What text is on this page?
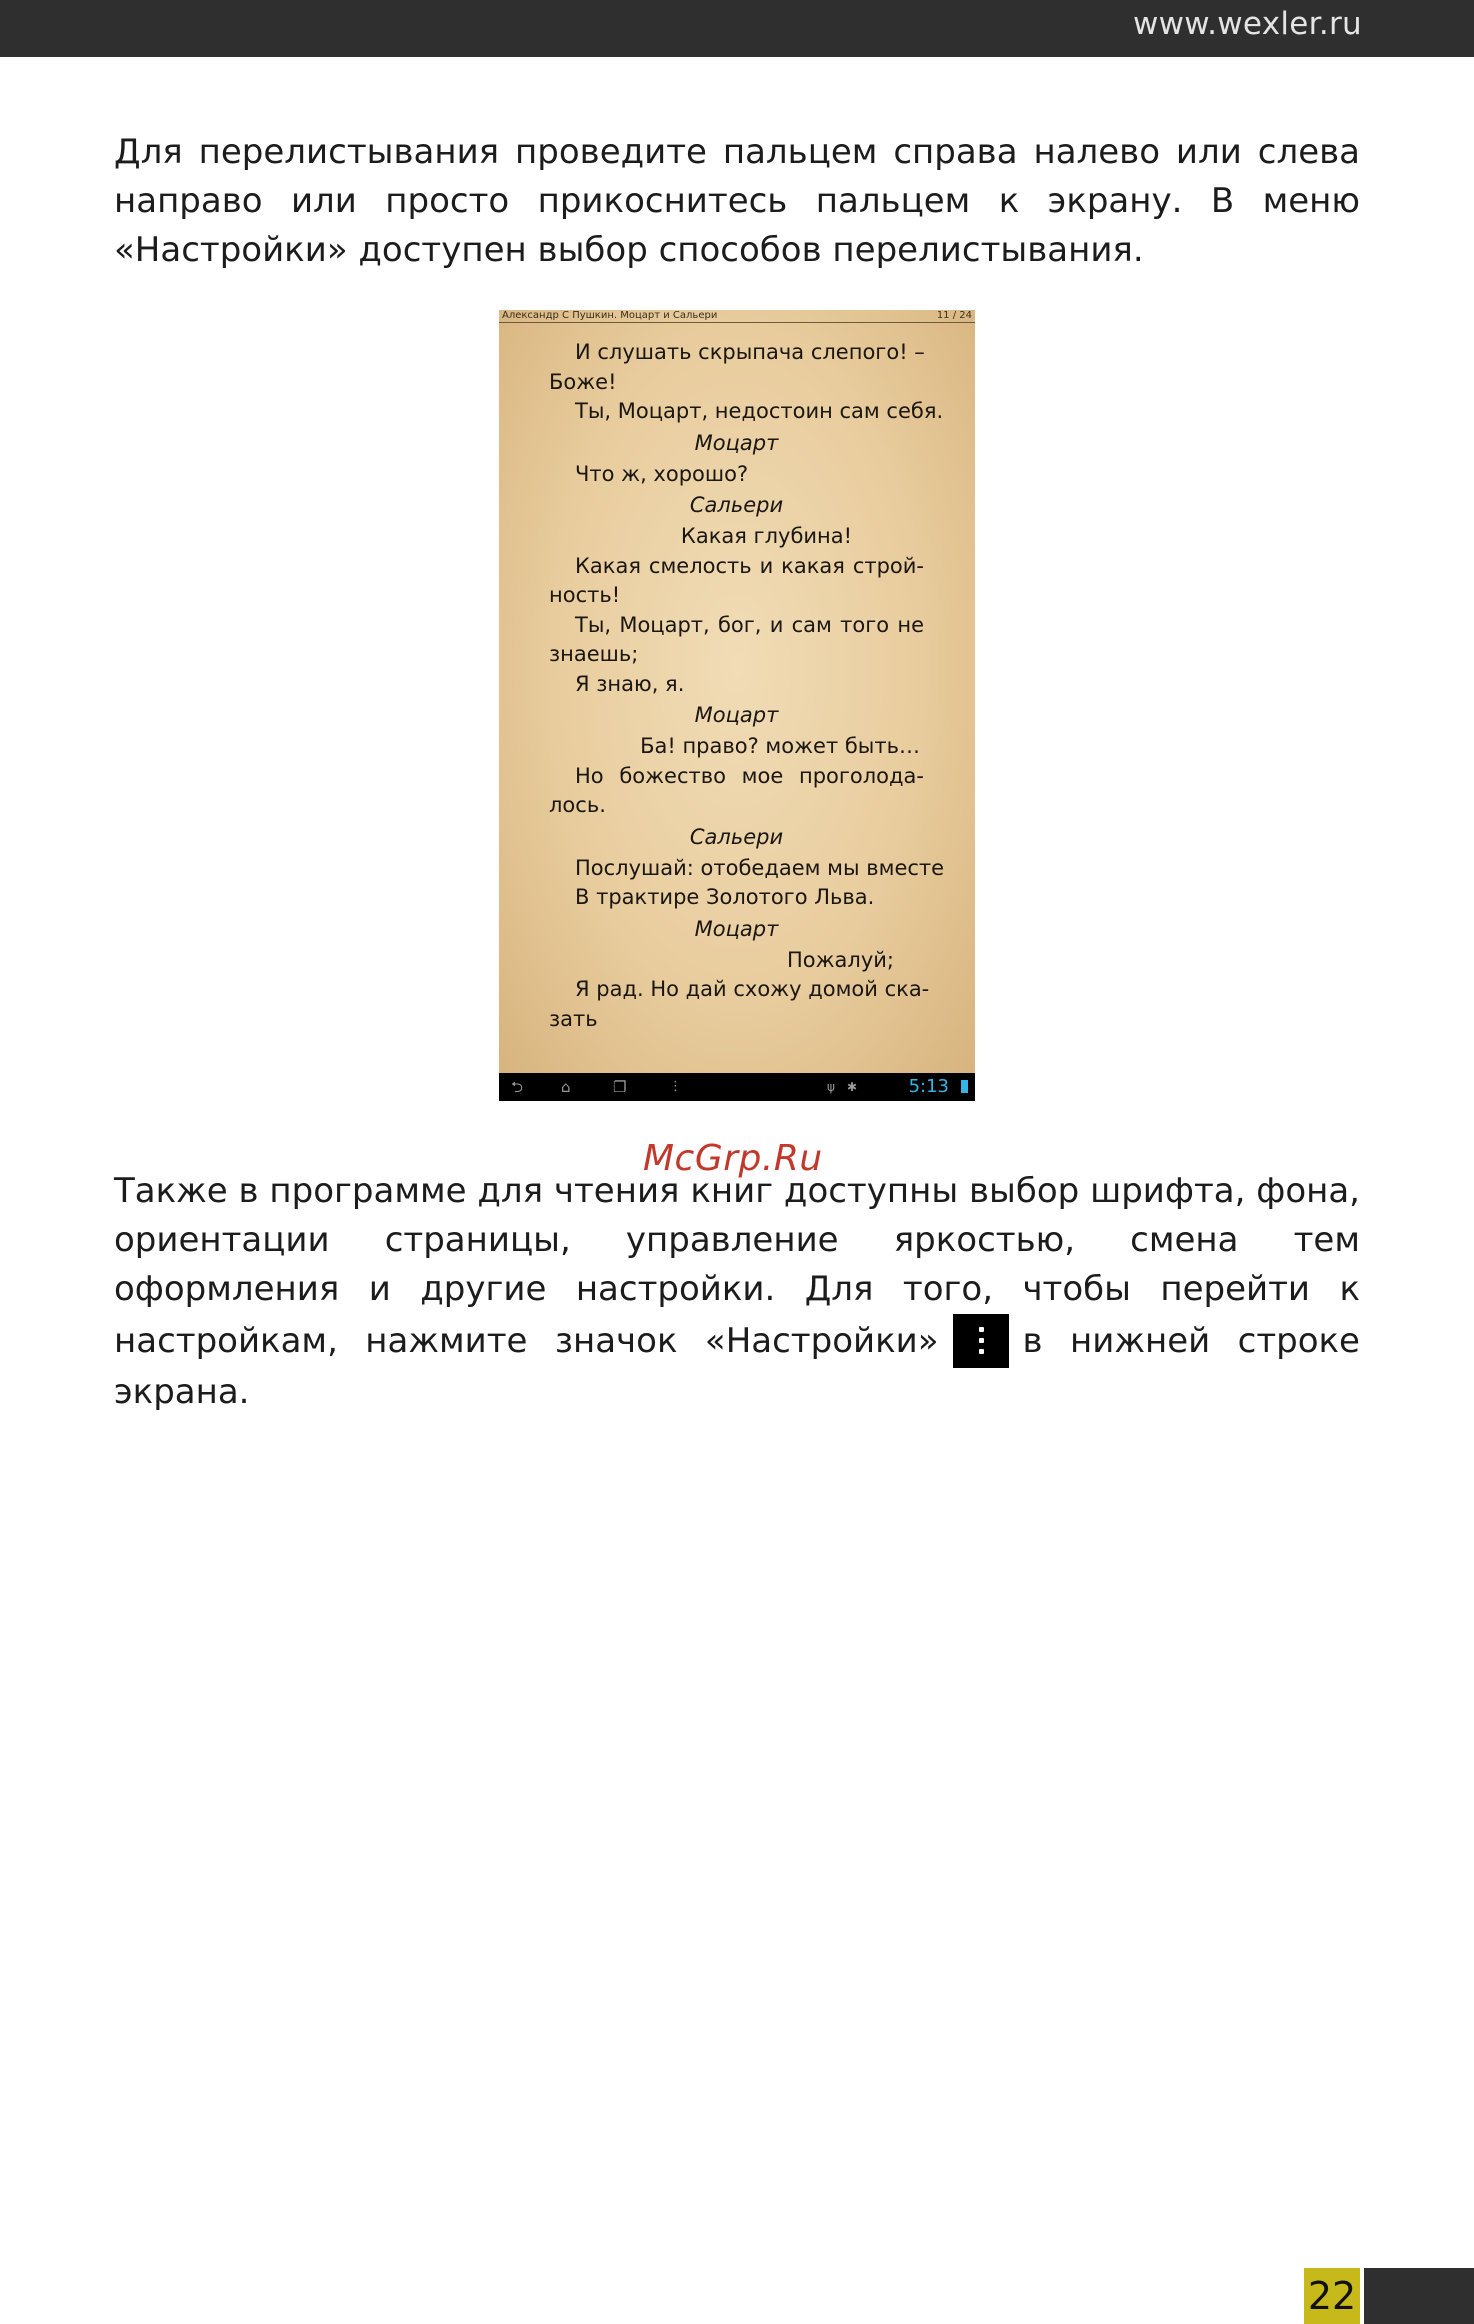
www.wexler.ru

Для перелистывания проведите пальцем справа налево или слева направо или просто прикоснитесь пальцем к экрану. В меню «Настройки» доступен выбор способов перелистывания.

Александр С Пушкин. Моцарт и Сальери	11 / 24
И слушать скрыпача слепого! –
Боже!
Ты, Моцарт, недостоин сам себя.
Моцарт
Что ж, хорошо?
Сальери
Какая глубина!
Какая смелость и какая строй-
ность!
Ты, Моцарт, бог, и сам того не
знаешь;
Я знаю, я.
Моцарт
Ба! право? может быть…
Но божество мое проголода-
лось.
Сальери
Послушай: отобедаем мы вместе
В трактире Золотого Льва.
Моцарт
Пожалуй;
Я рад. Но дай схожу домой ска-
зать
⮌	⌂	❐	⋮	ψ ✱	5:13
McGrp.Ru

Также в программе для чтения книг доступны выбор шрифта, фона, ориентации страницы, управление яркостью, смена тем оформления и другие настройки. Для того, чтобы перейти к настройкам, нажмите значок «Настройки» в нижней строке экрана.

22
